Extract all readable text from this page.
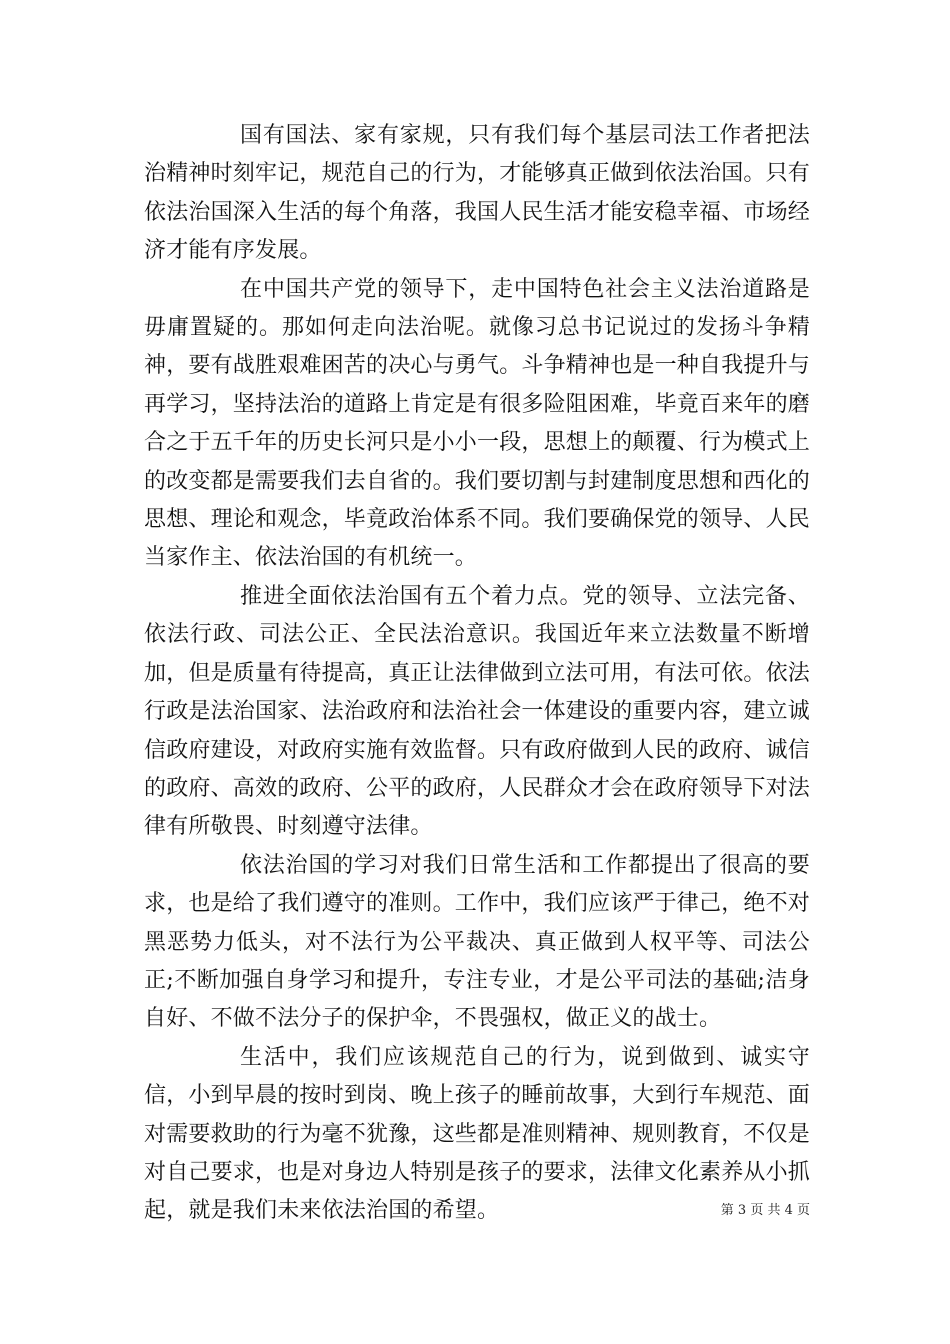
国有国法、家有家规，只有我们每个基层司法工作者把法治精神时刻牢记，规范自己的行为，才能够真正做到依法治国。只有依法治国深入生活的每个角落，我国人民生活才能安稳幸福、市场经济才能有序发展。

在中国共产党的领导下，走中国特色社会主义法治道路是毋庸置疑的。那如何走向法治呢。就像习总书记说过的发扬斗争精神，要有战胜艰难困苦的决心与勇气。斗争精神也是一种自我提升与再学习，坚持法治的道路上肯定是有很多险阻困难，毕竟百来年的磨合之于五千年的历史长河只是小小一段，思想上的颠覆、行为模式上的改变都是需要我们去自省的。我们要切割与封建制度思想和西化的思想、理论和观念，毕竟政治体系不同。我们要确保党的领导、人民当家作主、依法治国的有机统一。

推进全面依法治国有五个着力点。党的领导、立法完备、依法行政、司法公正、全民法治意识。我国近年来立法数量不断增加，但是质量有待提高，真正让法律做到立法可用，有法可依。依法行政是法治国家、法治政府和法治社会一体建设的重要内容，建立诚信政府建设，对政府实施有效监督。只有政府做到人民的政府、诚信的政府、高效的政府、公平的政府，人民群众才会在政府领导下对法律有所敬畏、时刻遵守法律。

依法治国的学习对我们日常生活和工作都提出了很高的要求，也是给了我们遵守的准则。工作中，我们应该严于律己，绝不对黑恶势力低头，对不法行为公平裁决、真正做到人权平等、司法公正;不断加强自身学习和提升，专注专业，才是公平司法的基础;洁身自好、不做不法分子的保护伞，不畏强权，做正义的战士。

生活中，我们应该规范自己的行为，说到做到、诚实守信，小到早晨的按时到岗、晚上孩子的睡前故事，大到行车规范、面对需要救助的行为毫不犹豫，这些都是准则精神、规则教育，不仅是对自己要求，也是对身边人特别是孩子的要求，法律文化素养从小抓起，就是我们未来依法治国的希望。	第 3 页 共 4 页
